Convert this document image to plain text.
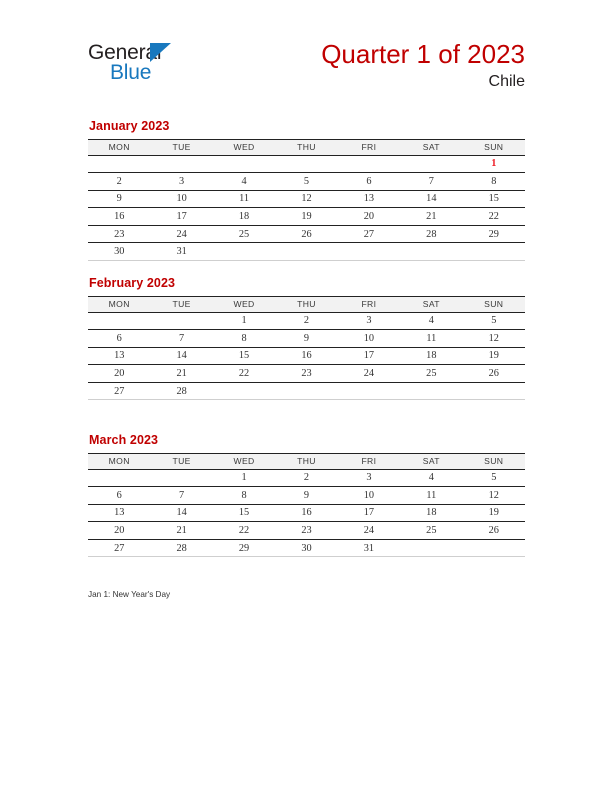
General
Blue
Quarter 1 of 2023
Chile
January 2023
MON	TUE	WED	THU	FRI	SAT	SUN
						1
2	3	4	5	6	7	8
9	10	11	12	13	14	15
16	17	18	19	20	21	22
23	24	25	26	27	28	29
30	31					
February 2023
MON	TUE	WED	THU	FRI	SAT	SUN
		1	2	3	4	5
6	7	8	9	10	11	12
13	14	15	16	17	18	19
20	21	22	23	24	25	26
27	28					
March 2023
MON	TUE	WED	THU	FRI	SAT	SUN
		1	2	3	4	5
6	7	8	9	10	11	12
13	14	15	16	17	18	19
20	21	22	23	24	25	26
27	28	29	30	31		
Jan 1: New Year's Day
